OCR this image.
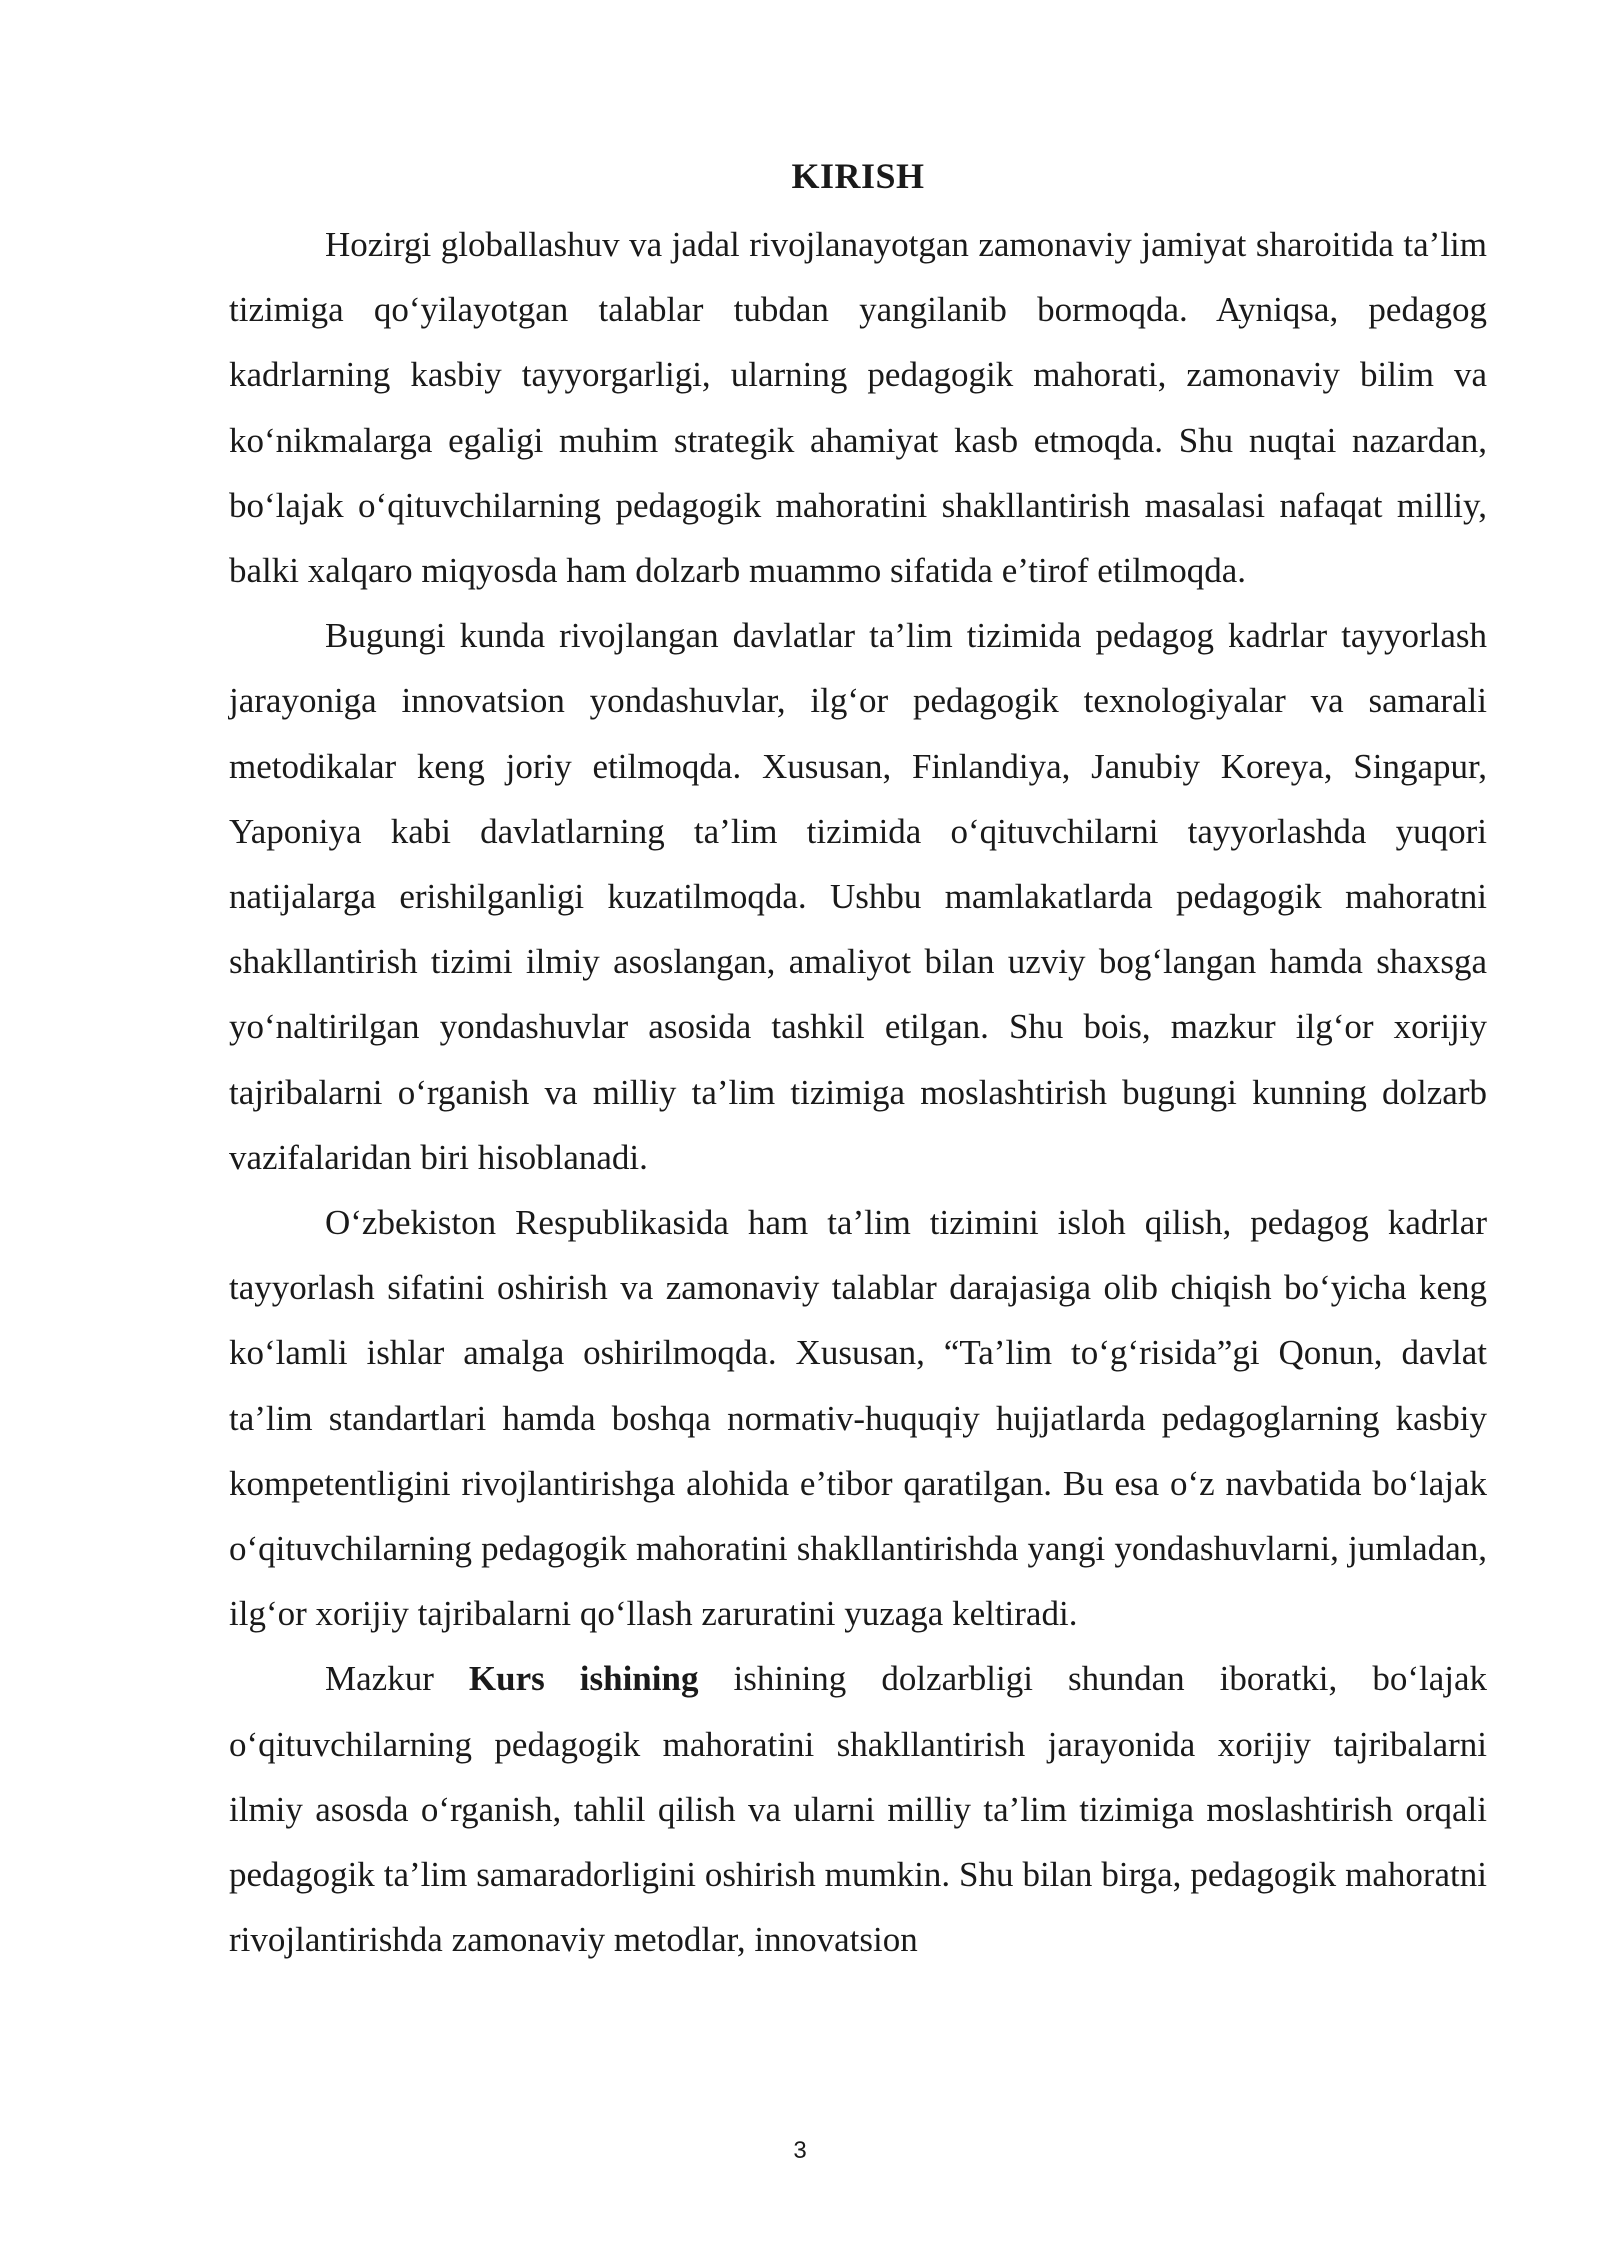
KIRISH

Hozirgi globallashuv va jadal rivojlanayotgan zamonaviy jamiyat sharoitida ta’lim tizimiga qo‘yilayotgan talablar tubdan yangilanib bormoqda. Ayniqsa, pedagog kadrlarning kasbiy tayyorgarligi, ularning pedagogik mahorati, zamonaviy bilim va ko‘nikmalarga egaligi muhim strategik ahamiyat kasb etmoqda. Shu nuqtai nazardan, bo‘lajak o‘qituvchilarning pedagogik mahoratini shakllantirish masalasi nafaqat milliy, balki xalqaro miqyosda ham dolzarb muammo sifatida e’tirof etilmoqda.

Bugungi kunda rivojlangan davlatlar ta’lim tizimida pedagog kadrlar tayyorlash jarayoniga innovatsion yondashuvlar, ilg‘or pedagogik texnologiyalar va samarali metodikalar keng joriy etilmoqda. Xususan, Finlandiya, Janubiy Koreya, Singapur, Yaponiya kabi davlatlarning ta’lim tizimida o‘qituvchilarni tayyorlashda yuqori natijalarga erishilganligi kuzatilmoqda. Ushbu mamlakatlarda pedagogik mahoratni shakllantirish tizimi ilmiy asoslangan, amaliyot bilan uzviy bog‘langan hamda shaxsga yo‘naltirilgan yondashuvlar asosida tashkil etilgan. Shu bois, mazkur ilg‘or xorijiy tajribalarni o‘rganish va milliy ta’lim tizimiga moslashtirish bugungi kunning dolzarb vazifalaridan biri hisoblanadi.

O‘zbekiston Respublikasida ham ta’lim tizimini isloh qilish, pedagog kadrlar tayyorlash sifatini oshirish va zamonaviy talablar darajasiga olib chiqish bo‘yicha keng ko‘lamli ishlar amalga oshirilmoqda. Xususan, “Ta’lim to‘g‘risida”gi Qonun, davlat ta’lim standartlari hamda boshqa normativ-huquqiy hujjatlarda pedagoglarning kasbiy kompetentligini rivojlantirishga alohida e’tibor qaratilgan. Bu esa o‘z navbatida bo‘lajak o‘qituvchilarning pedagogik mahoratini shakllantirishda yangi yondashuvlarni, jumladan, ilg‘or xorijiy tajribalarni qo‘llash zaruratini yuzaga keltiradi.

Mazkur Kurs ishining ishining dolzarbligi shundan iboratki, bo‘lajak o‘qituvchilarning pedagogik mahoratini shakllantirish jarayonida xorijiy tajribalarni ilmiy asosda o‘rganish, tahlil qilish va ularni milliy ta’lim tizimiga moslashtirish orqali pedagogik ta’lim samaradorligini oshirish mumkin. Shu bilan birga, pedagogik mahoratni rivojlantirishda zamonaviy metodlar, innovatsion

3
